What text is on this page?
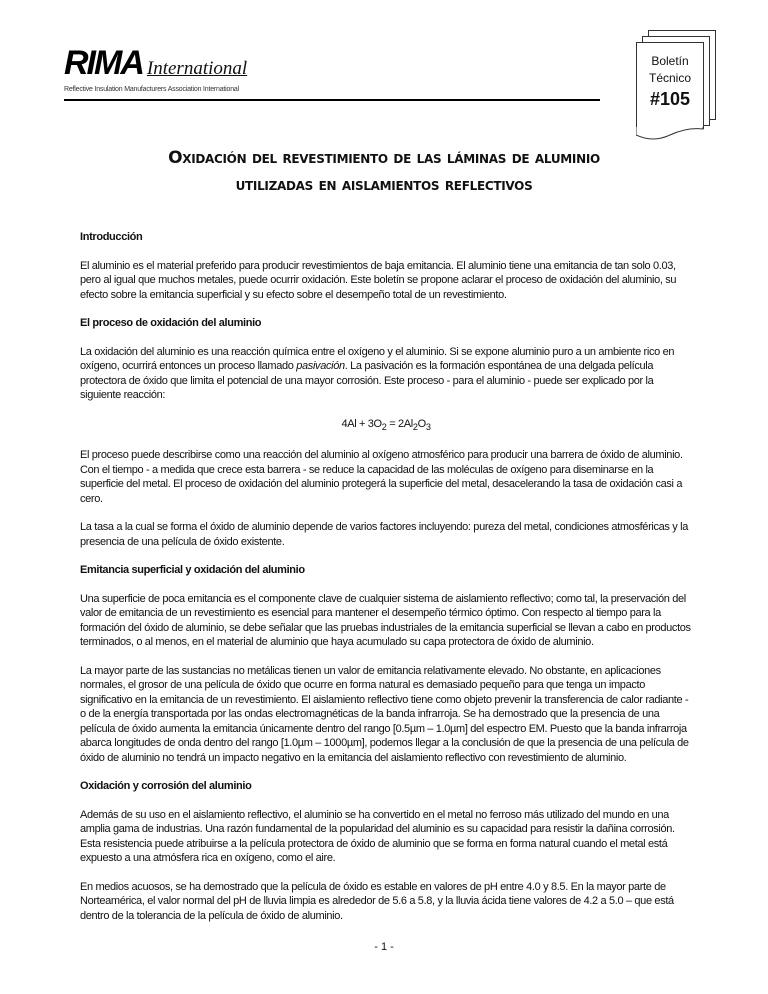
RIMA International
Reflective Insulation Manufacturers Association International
Boletín
Técnico
#105
Oxidación del revestimiento de las láminas de aluminio
utilizadas en aislamientos reflectivos
Introducción

El aluminio es el material preferido para producir revestimientos de baja emitancia. El aluminio tiene una emitancia de tan solo 0.03, pero al igual que muchos metales, puede ocurrir oxidación. Este boletín se propone aclarar el proceso de oxidación del aluminio, su efecto sobre la emitancia superficial y su efecto sobre el desempeño total de un revestimiento.

El proceso de oxidación del aluminio

La oxidación del aluminio es una reacción química entre el oxígeno y el aluminio. Si se expone aluminio puro a un ambiente rico en oxígeno, ocurrirá entonces un proceso llamado pasivación. La pasivación es la formación espontánea de una delgada película protectora de óxido que limita el potencial de una mayor corrosión. Este proceso - para el aluminio - puede ser explicado por la siguiente reacción:

$4Al + 3O_2 = 2Al_2O_3$

El proceso puede describirse como una reacción del aluminio al oxígeno atmosférico para producir una barrera de óxido de aluminio. Con el tiempo - a medida que crece esta barrera - se reduce la capacidad de las moléculas de oxígeno para diseminarse en la superficie del metal. El proceso de oxidación del aluminio protegerá la superficie del metal, desacelerando la tasa de oxidación casi a cero.

La tasa a la cual se forma el óxido de aluminio depende de varios factores incluyendo: pureza del metal, condiciones atmosféricas y la presencia de una película de óxido existente.

Emitancia superficial y oxidación del aluminio

Una superficie de poca emitancia es el componente clave de cualquier sistema de aislamiento reflectivo; como tal, la preservación del valor de emitancia de un revestimiento es esencial para mantener el desempeño térmico óptimo. Con respecto al tiempo para la formación del óxido de aluminio, se debe señalar que las pruebas industriales de la emitancia superficial se llevan a cabo en productos terminados, o al menos, en el material de aluminio que haya acumulado su capa protectora de óxido de aluminio.

La mayor parte de las sustancias no metálicas tienen un valor de emitancia relativamente elevado. No obstante, en aplicaciones normales, el grosor de una película de óxido que ocurre en forma natural es demasiado pequeño para que tenga un impacto significativo en la emitancia de un revestimiento. El aislamiento reflectivo tiene como objeto prevenir la transferencia de calor radiante - o de la energía transportada por las ondas electromagnéticas de la banda infrarroja. Se ha demostrado que la presencia de una película de óxido aumenta la emitancia únicamente dentro del rango [0.5µm – 1.0µm] del espectro EM. Puesto que la banda infrarroja abarca longitudes de onda dentro del rango [1.0µm – 1000µm], podemos llegar a la conclusión de que la presencia de una película de óxido de aluminio no tendrá un impacto negativo en la emitancia del aislamiento reflectivo con revestimiento de aluminio.

Oxidación y corrosión del aluminio

Además de su uso en el aislamiento reflectivo, el aluminio se ha convertido en el metal no ferroso más utilizado del mundo en una amplia gama de industrias. Una razón fundamental de la popularidad del aluminio es su capacidad para resistir la dañina corrosión. Esta resistencia puede atribuirse a la película protectora de óxido de aluminio que se forma en forma natural cuando el metal está expuesto a una atmósfera rica en oxígeno, como el aire.

En medios acuosos, se ha demostrado que la película de óxido es estable en valores de pH entre 4.0 y 8.5. En la mayor parte de Norteamérica, el valor normal del pH de lluvia limpia es alrededor de 5.6 a 5.8, y la lluvia ácida tiene valores de 4.2 a 5.0 – que está dentro de la tolerancia de la película de óxido de aluminio.

- 1 -
